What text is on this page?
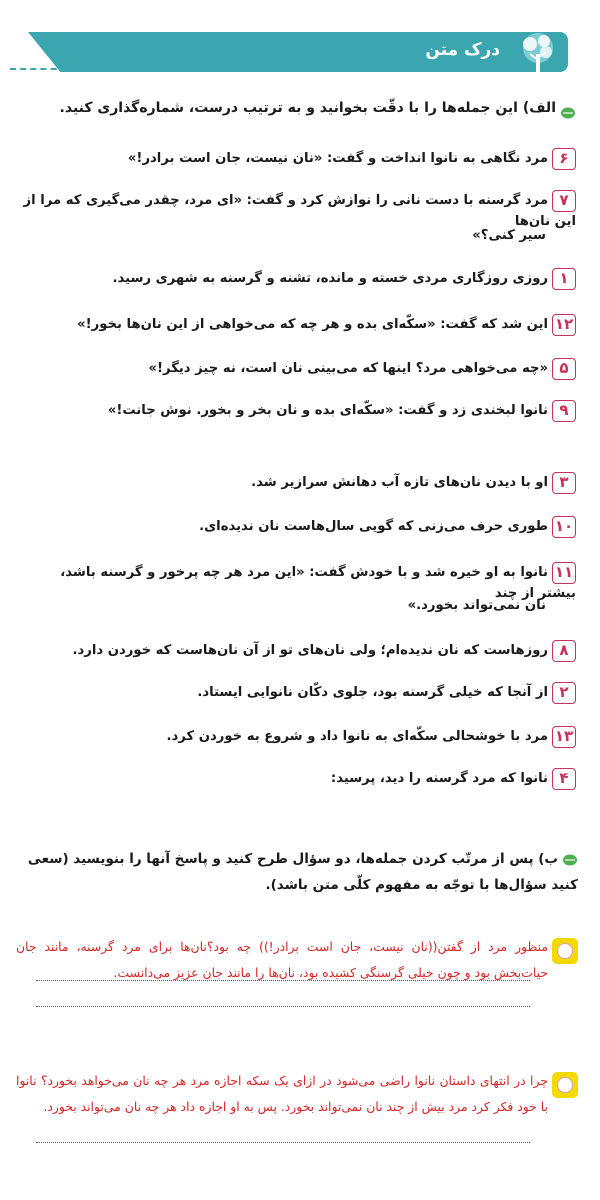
درک متن
الف) این جمله‌ها را با دقّت بخوانید و به ترتیب درست، شماره‌گذاری کنید.
۶مرد نگاهی به نانوا انداخت و گفت: «نان نیست، جان است برادر!»
۷مرد گرسنه با دست نانی را نوازش کرد و گفت: «ای مرد، چقدر می‌گیری که مرا از این نان‌ها
سیر کنی؟»
۱روزی روزگاری مردی خسته و مانده، تشنه و گرسنه به شهری رسید.
۱۲این شد که گفت: «سکّه‌ای بده و هر چه که می‌خواهی از این نان‌ها بخور!»
۵«چه می‌خواهی مرد؟ اینها که می‌بینی نان است، نه چیز دیگر!»
۹نانوا لبخندی زد و گفت: «سکّه‌ای بده و نان بخر و بخور. نوش جانت!»
۳او با دیدن نان‌های تازه آب دهانش سرازیر شد.
۱۰طوری حرف می‌زنی که گویی سال‌هاست نان ندیده‌ای.
۱۱نانوا به او خیره شد و با خودش گفت: «این مرد هر چه پرخور و گرسنه باشد، بیشتر از چند
نان نمی‌تواند بخورد.»
۸روزهاست که نان ندیده‌ام؛ ولی نان‌های تو از آن نان‌هاست که خوردن دارد.
۲از آنجا که خیلی گرسنه بود، جلوی دکّان نانوایی ایستاد.
۱۳مرد با خوشحالی سکّه‌ای به نانوا داد و شروع به خوردن کرد.
۴نانوا که مرد گرسنه را دید، پرسید:
ب) پس از مرتّب کردن جمله‌ها، دو سؤال طرح کنید و پاسخ آنها را بنویسید (سعی کنید سؤال‌ها با توجّه به مفهوم کلّی متن باشد).
منظور مرد از گفتن((نان نیست، جان است برادر!)) چه بود؟نان‌ها برای مرد گرسنه، مانند جان حیات‌بخش بود و چون خیلی گرسنگی کشیده بود، نان‌ها را مانند جان عزیز می‌دانست.
چرا در انتهای داستان نانوا راضی می‌شود در ازای یک سکه اجازه مرد هر چه نان می‌خواهد بخورد؟ نانوا با خود فکر کرد مرد بیش از چند نان نمی‌تواند بخورد. پس به او اجازه داد هر چه نان می‌تواند بخورد.
